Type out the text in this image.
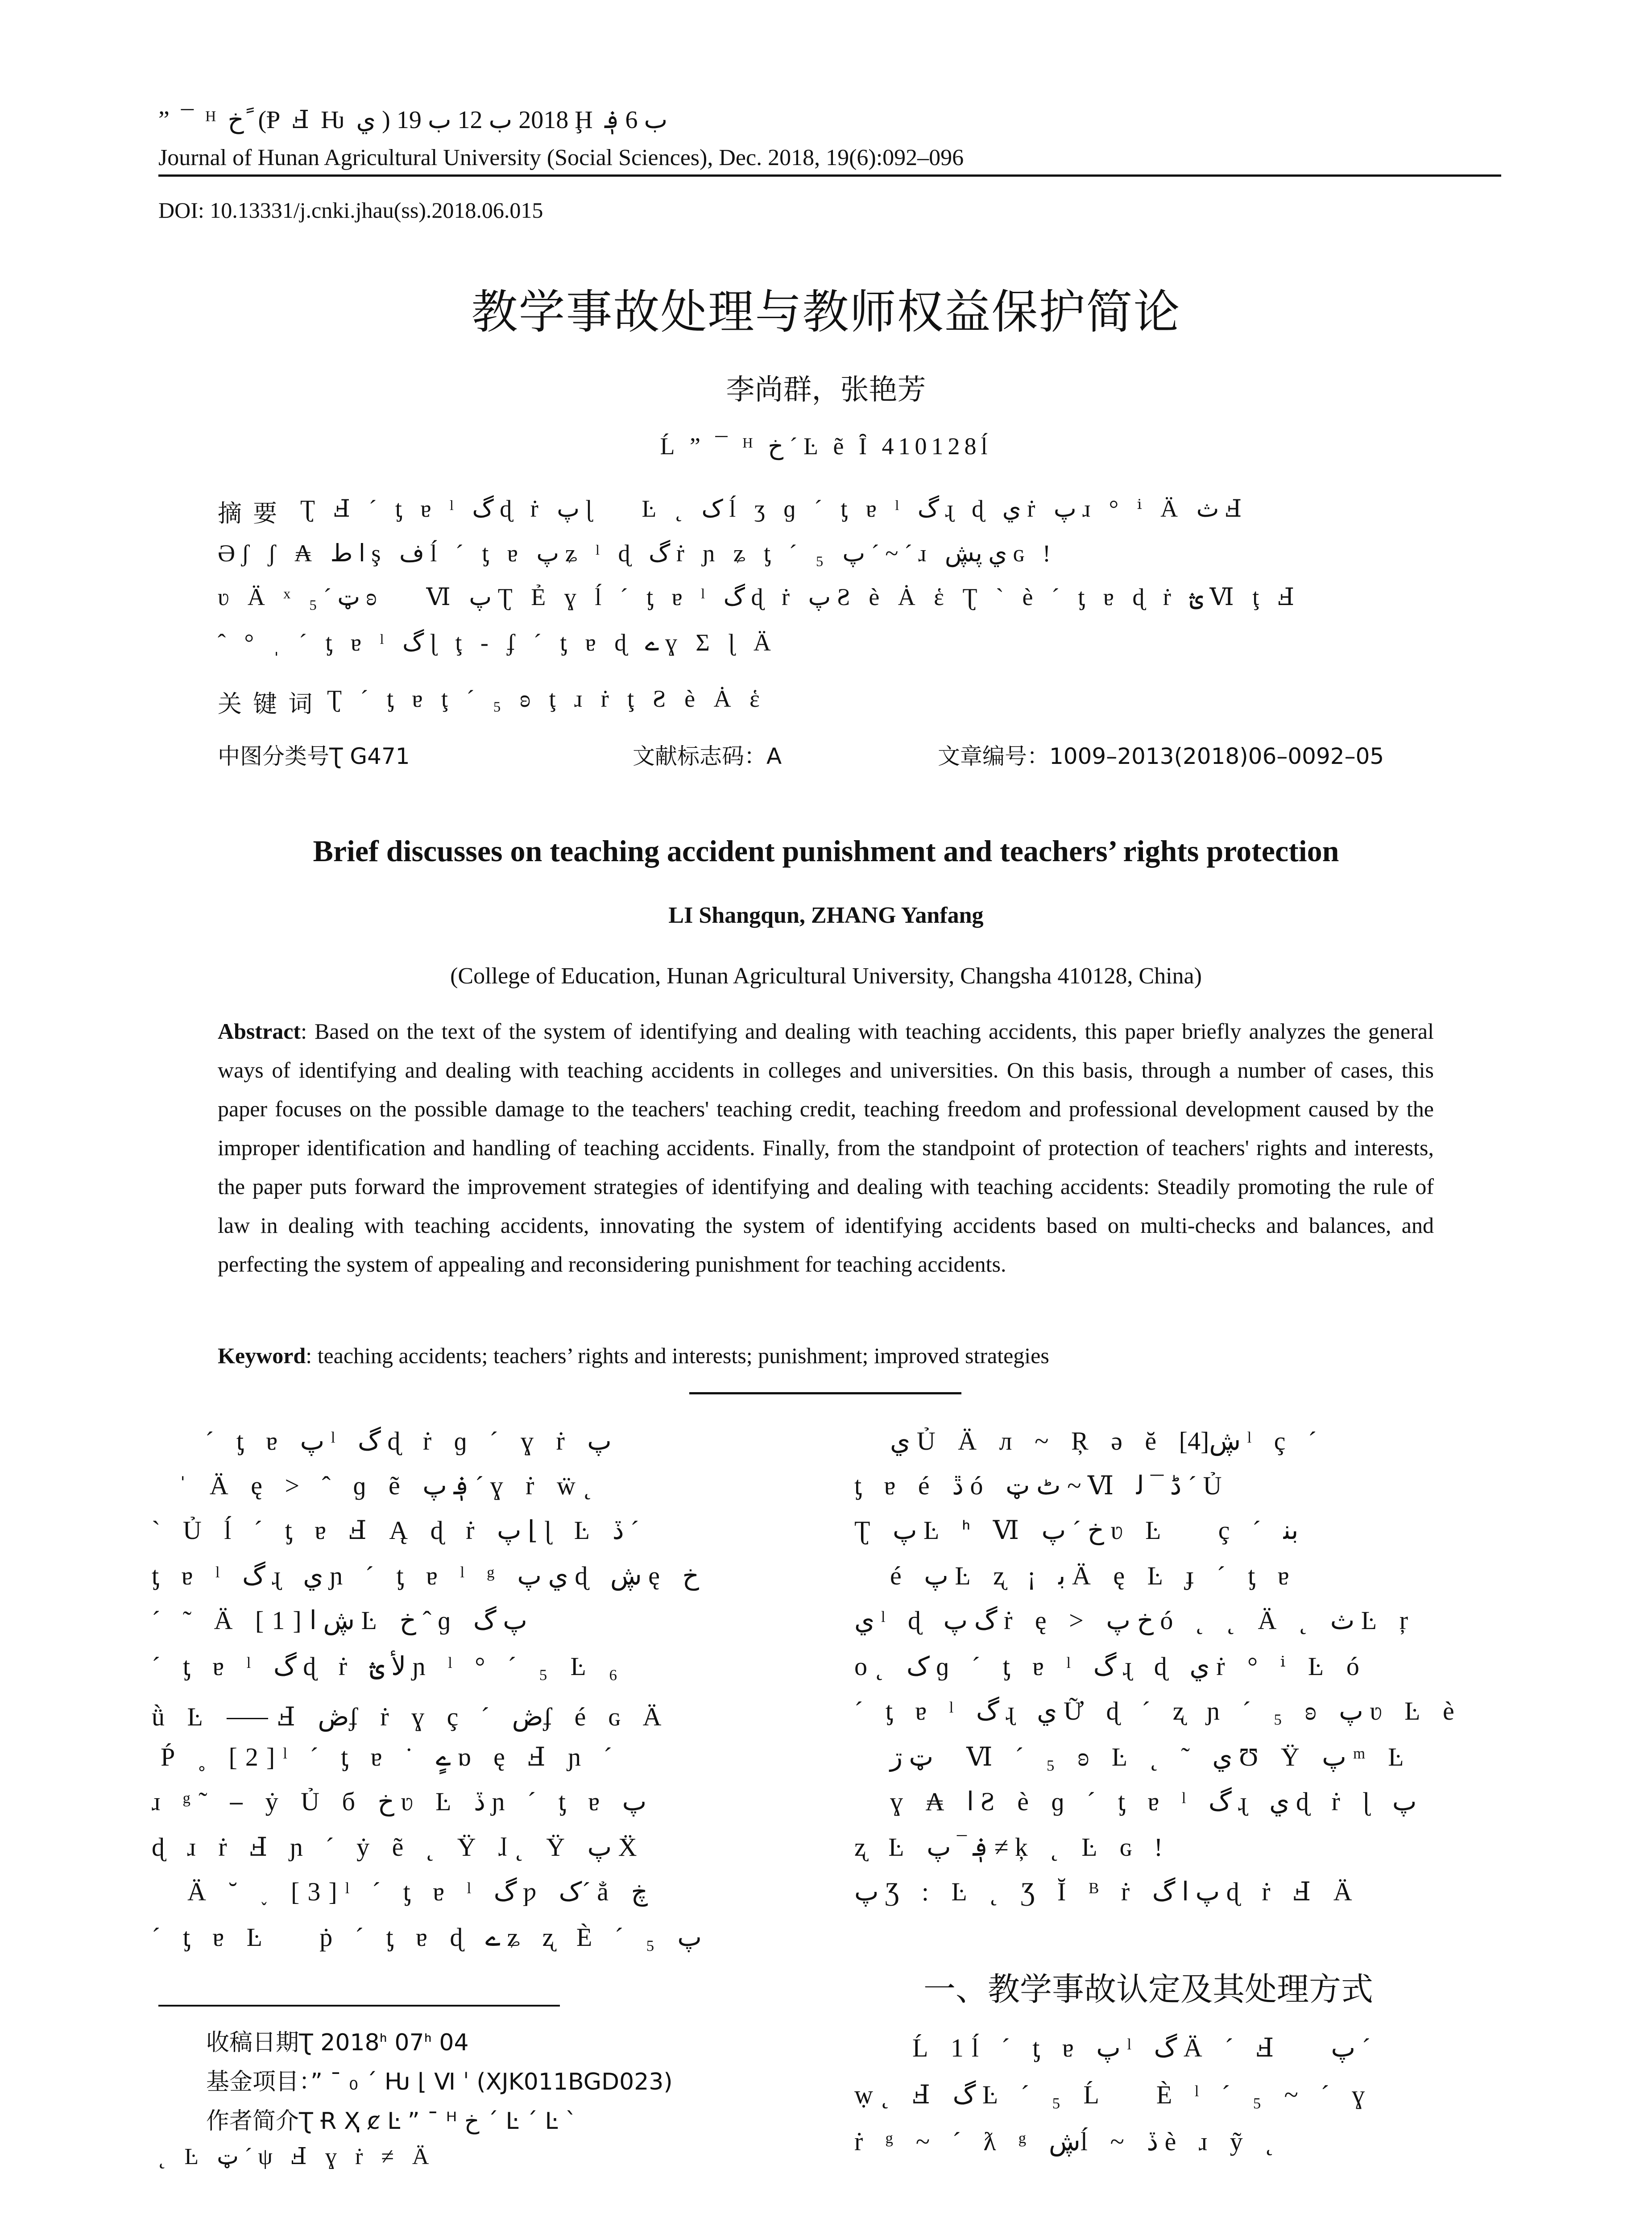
” ¯ ᴴ خ ً (Ᵽ Ⅎ Ƕ ي ) 2018 ب 12 ب 19 Ḩ ب 6 ؋
Journal of Hunan Agricultural University (Social Sciences), Dec. 2018, 19(6):092–096
DOI: 10.13331/j.cnki.jhau(ss).2018.06.015
教学事故处理与教师权益保护简论
李尚群，张艳芳
Ĺ ” ¯ ᴴ خ ´ Ŀ ẽ Ȋ 410128ĺ
摘 要 Ʈ Ⅎ ´ ƫ ɐ ˡ گ ɖ ṙ پ ɭ ⃞ Ŀ ˛ ک ĺ ʒ ɡ ´ ƫ ɐ ˡ گ ɻ ɖ ي ṙ پ ɹ ° ⁱ Ä ث Ⅎ
Əʃ ʃ ₳ ا ط ş ف ĺ ´ ƫ ɐ پ ʑ ˡ ɖ گ ṙ ɲ ʑ ƫ ´ ₅ پ ´ ~ ´ ɹ ي پڜ ɢ !
ʋ Ä ˣ ټ ´ ₅ ʚ ⃞ Ⅵ پ Ʈ Ẻ ɣ ĺ ´ ƫ ɐ ˡ گ ɖ ṙ پ Ƨ è Ȧ ἑ Ʈ ` è ´ ƫ ɐ ɖ ṙ ؿ Ⅵ ţ Ⅎ
ˆ ° ˌ ˊ ƫ ɐ ˡ گ ɭ ţ ‐ ʄ ´ ƫ ɐ ɖ ے ɣ Σ ɭ Ä
关 键 词 Ʈ ´ ƫ ɐ ţ ´ ₅ ʚ ţ ɹ ṙ ţ Ƨ è Ȧ ἑ
中图分类号Ʈ G471	文献标志码：A	文章编号：1009–2013(2018)06–0092–05
Brief discusses on teaching accident punishment and teachers’ rights protection
LI Shangqun, ZHANG Yanfang
(College of Education, Hunan Agricultural University, Changsha 410128, China)
Abstract: Based on the text of the system of identifying and dealing with teaching accidents, this paper briefly analyzes the general ways of identifying and dealing with teaching accidents in colleges and universities. On this basis, through a number of cases, this paper focuses on the possible damage to the teachers' teaching credit, teaching freedom and professional development caused by the improper identification and handling of teaching accidents. Finally, from the standpoint of protection of teachers' rights and interests, the paper puts forward the improvement strategies of identifying and dealing with teaching accidents: Steadily promoting the rule of law in dealing with teaching accidents, innovating the system of identifying accidents based on multi-checks and balances, and perfecting the system of appealing and reconsidering punishment for teaching accidents.
Keyword: teaching accidents; teachers’ rights and interests; punishment; improved strategies
´ ƫ ɐ پ ˡ گ ɖ ṙ ɡ ´ ɣ ṙ پ
ˈ Ä ę > ˆ ɡ ẽ ؋ پ ´ ɣ ṙ ẅ˛
` Ủ ĺ ´ ƫ ɐ Ⅎ Ą ɖ ṙ پ ⌊ ɭ Ŀ ڏ ´
ƫ ɐ ˡ گ ɻ ي ɲ ´ ƫ ɐ ˡ ᵍ ي پ ɖ ڜ ę خ
´ ˜ Ä [1]ڜ ا Ŀ خ ˆ ɡ پ گ
´ ƫ ɐ ˡ گ ɖ ṙ ﻷ ؿ ɲ ˡ ° ´ ₅ Ŀ ₆
ǜ Ŀ ⸺Ⅎ ڞʄ ṙ ɣ ç ´ ڞʄ é ɢ Ä
Ṕ ˳ [2]ˡ ´ ƫ ɐ ˙ ےٍ ɒ ę Ⅎ ɲ ´
ɹ ᵍ˜ ⎯ ẏ Ủ б خ ʋ Ŀ ڏ ɲ ´ ƫ ɐ پ
ɖ ɹ ṙ Ⅎ ɲ ´ ẏ ẽ ˛ Ÿ ɺ˛ Ÿ پ Ẍ
Ä ˘ ˯ [3]ˡ ´ ƫ ɐ ˡ گ ƿ ک´ ẳ ڿ
´ ƫ ɐ Ŀ ⃞ ṗ ´ ƫ ɐ ɖ ے ʑ ʐ È ´ ₅ پ
ي Ủ Ä л ~ Ŗ ǝ ĕ ڜ[4] ˡ ç ´
ƫ ɐ é ڐ ó ٹ ټ ~ Ⅵ ڈ ¯ ﻟ ´ Ủ
Ʈ پ Ŀ ᑋ Ⅵ خ ´ پ ʋ Ŀ ⃞ ç ´ ﺑﻨ
é پ Ŀ ʐ ¡ ﺑ Ä ę Ŀ ɟ ´ ƫ ɐ
ي ˡ ɖ گ پ ṙ ę > خ پ ó ˛ ˛ Ä ˛ ث Ŀ ŗ
o˛ ک ɡ ´ ƫ ɐ ˡ گ ɻ ɖ ي ṙ ° ⁱ Ŀ ó
´ ƫ ɐ ˡ گ ɻ ي Ữ ɖ ´ ʐ ɲ ´ ₅ ʚ پ ʋ Ŀ è
ټ ڗ ⃞ Ⅵ ´ ₅ ʚ Ŀ ˛ ˜ ي Ʊ Ÿ پ ᵐ Ŀ
ɣ ₳ ا Ƨ è ɡ ´ ƫ ɐ ˡ گ ɻ ي ɖ ṙ ɭ پ
ʐ Ŀ ؋ ‾ پ ≠ ķ ˛ Ŀ ɢ !
پ Ʒ : Ŀ ˛ Ʒ Ĭ ᴮ ṙ پ ا گ ɖ ṙ Ⅎ Ä
一、教学事故认定及其处理方式
Ĺ 1ĺ ´ ƫ ɐ پ ˡ گ Ä ´ Ⅎ ⃞ پ ´
ẉ˛ Ⅎ گ Ŀ ´ ₅ Ĺ ⃞ È ˡ ´ ₅ ~ ´ ɣ
ṙ ᵍ ~ ´ ƛ ᵍ ڜĺ ~ ڏ è ɹ ỹ ˛
收稿日期Ʈ 2018ᑋ 07ᑋ 04
基金项目：” ¯ ₀ ´ Ƕ ⌊ Ⅵ ˈ (XJK011BGD023)
作者简介Ʈ Ɍ Ҳ ȼ Ŀ ” ¯ ᴴ خ ´ Ŀ ´ Ŀ `
˛ Ŀ ټ ´ ψ Ⅎ ɣ ṙ ≠ Ä
